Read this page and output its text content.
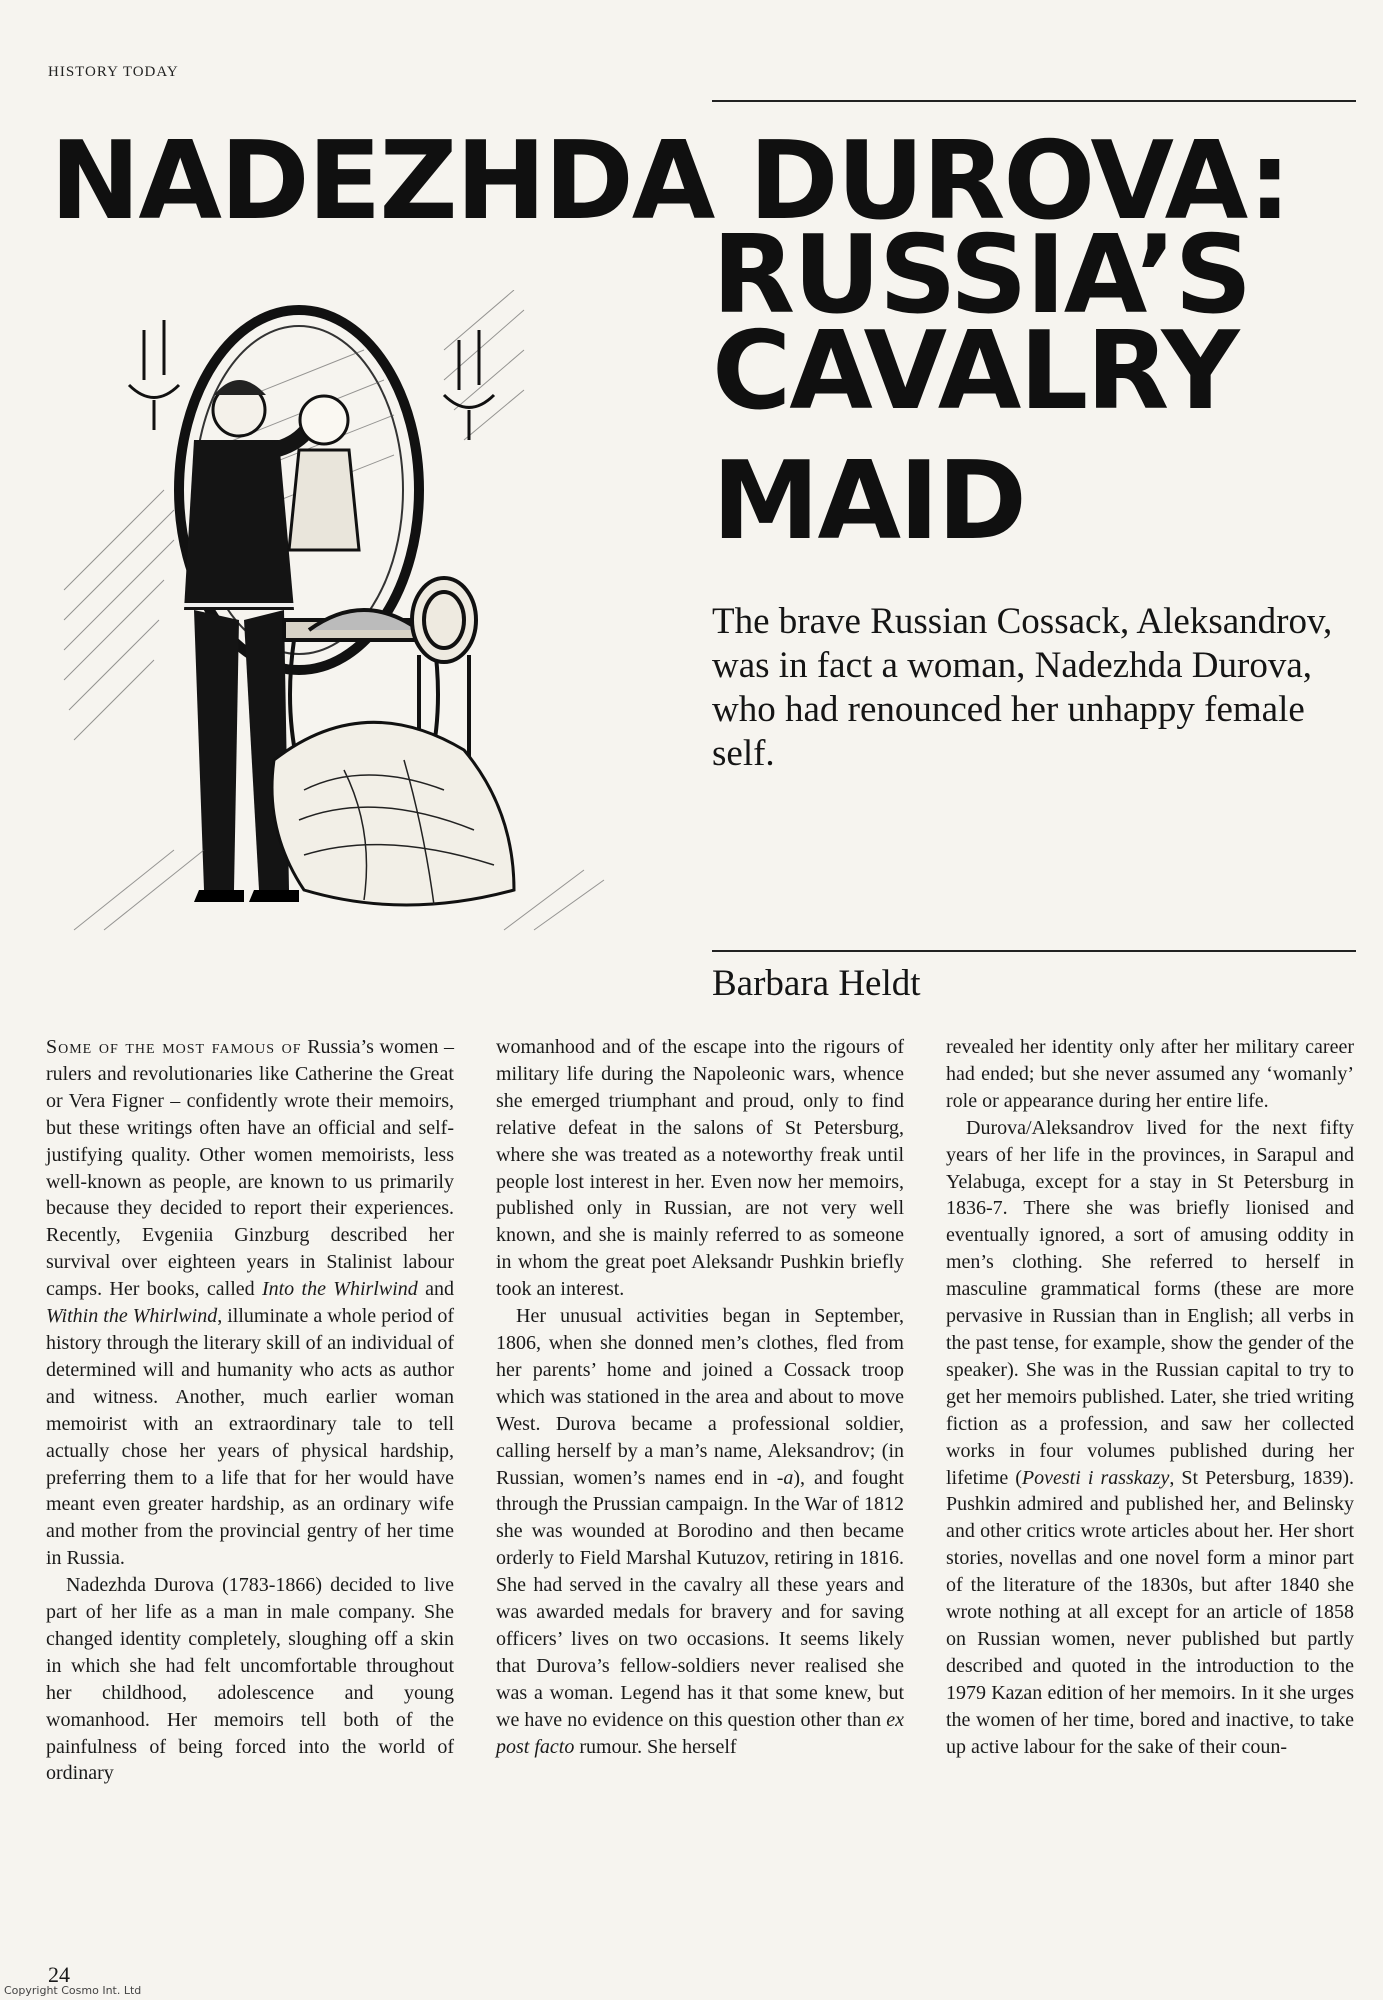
HISTORY TODAY
NADEZHDA DUROVA:
RUSSIA’S
CAVALRY
MAID
The brave Russian Cossack, Aleksandrov, was in fact a woman, Nadezhda Durova, who had renounced her unhappy female self.
Barbara Heldt

Some of the most famous of Russia’s women – rulers and revolutionaries like Catherine the Great or Vera Figner – confidently wrote their memoirs, but these writings often have an official and self-justifying quality. Other women memoirists, less well-known as people, are known to us primarily because they decided to report their experiences. Recently, Evgeniia Ginzburg described her survival over eighteen years in Stalinist labour camps. Her books, called Into the Whirlwind and Within the Whirlwind, illuminate a whole period of history through the literary skill of an individual of determined will and humanity who acts as author and witness. Another, much earlier woman memoirist with an extraordinary tale to tell actually chose her years of physical hardship, preferring them to a life that for her would have meant even greater hardship, as an ordinary wife and mother from the provincial gentry of her time in Russia.

Nadezhda Durova (1783-1866) decided to live part of her life as a man in male company. She changed identity completely, sloughing off a skin in which she had felt uncomfortable throughout her childhood, adolescence and young womanhood. Her memoirs tell both of the painfulness of being forced into the world of ordinary

womanhood and of the escape into the rigours of military life during the Napoleonic wars, whence she emerged triumphant and proud, only to find relative defeat in the salons of St Petersburg, where she was treated as a noteworthy freak until people lost interest in her. Even now her memoirs, published only in Russian, are not very well known, and she is mainly referred to as someone in whom the great poet Aleksandr Pushkin briefly took an interest.

Her unusual activities began in September, 1806, when she donned men’s clothes, fled from her parents’ home and joined a Cossack troop which was stationed in the area and about to move West. Durova became a professional soldier, calling herself by a man’s name, Aleksandrov; (in Russian, women’s names end in -a), and fought through the Prussian campaign. In the War of 1812 she was wounded at Borodino and then became orderly to Field Marshal Kutuzov, retiring in 1816. She had served in the cavalry all these years and was awarded medals for bravery and for saving officers’ lives on two occasions. It seems likely that Durova’s fellow-soldiers never realised she was a woman. Legend has it that some knew, but we have no evidence on this question other than ex post facto rumour. She herself

revealed her identity only after her military career had ended; but she never assumed any ‘womanly’ role or appearance during her entire life.

Durova/Aleksandrov lived for the next fifty years of her life in the provinces, in Sarapul and Yelabuga, except for a stay in St Petersburg in 1836-7. There she was briefly lionised and eventually ignored, a sort of amusing oddity in men’s clothing. She referred to herself in masculine grammatical forms (these are more pervasive in Russian than in English; all verbs in the past tense, for example, show the gender of the speaker). She was in the Russian capital to try to get her memoirs published. Later, she tried writing fiction as a profession, and saw her collected works in four volumes published during her lifetime (Povesti i rasskazy, St Petersburg, 1839). Pushkin admired and published her, and Belinsky and other critics wrote articles about her. Her short stories, novellas and one novel form a minor part of the literature of the 1830s, but after 1840 she wrote nothing at all except for an article of 1858 on Russian women, never published but partly described and quoted in the introduction to the 1979 Kazan edition of her memoirs. In it she urges the women of her time, bored and inactive, to take up active labour for the sake of their coun-

24
Copyright Cosmo Int. Ltd
